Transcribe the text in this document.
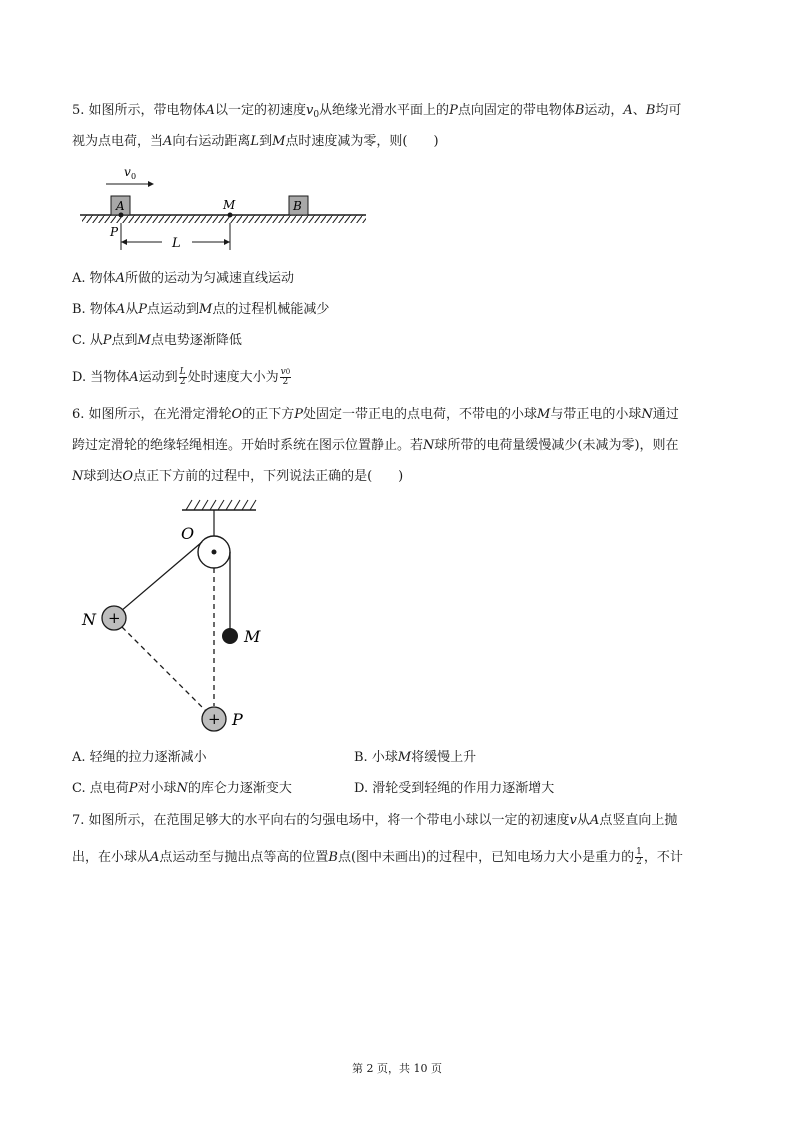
5. 如图所示，带电物体A以一定的初速度$v_0$从绝缘光滑水平面上的P点向固定的带电物体B运动，A、B均可
视为点电荷，当A向右运动距离L到M点时速度减为零，则(　　)
v 0
A	M	B
P
L
A. 物体A所做的运动为匀减速直线运动
B. 物体A从P点运动到M点的过程机械能减少
C. 从P点到M点电势逐渐降低
D. 当物体A运动到 $\frac{L}{2}$ 处时速度大小为 $\frac{v0}{2}$
6. 如图所示，在光滑定滑轮O的正下方P处固定一带正电的点电荷，不带电的小球M与带正电的小球N通过
跨过定滑轮的绝缘轻绳相连。开始时系统在图示位置静止。若N球所带的电荷量缓慢减少(未减为零)，则在
N球到达O点正下方前的过程中，下列说法正确的是(　　)
O
M
+
N
+ P
A. 轻绳的拉力逐渐减小	B. 小球M将缓慢上升
C. 点电荷P对小球N的库仑力逐渐变大	D. 滑轮受到轻绳的作用力逐渐增大
7. 如图所示，在范围足够大的水平向右的匀强电场中，将一个带电小球以一定的初速度v从A点竖直向上抛
出，在小球从A点运动至与抛出点等高的位置B点(图中未画出)的过程中，已知电场力大小是重力的 $\frac{1}{2}$ ，不计
第 2 页，共 10 页
